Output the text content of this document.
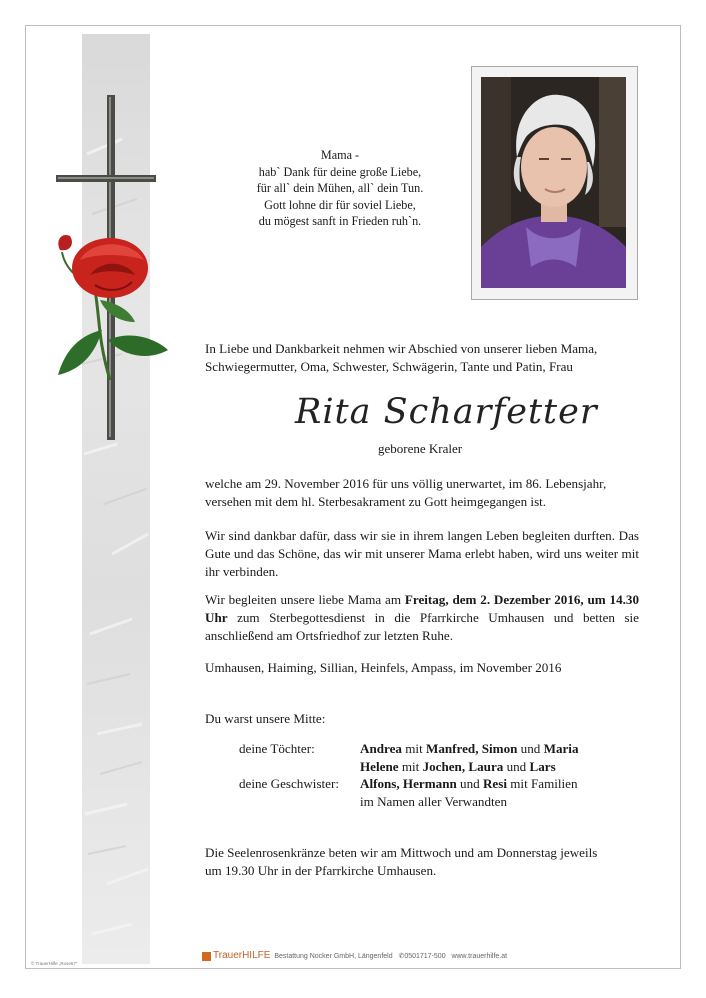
Mama -
hab` Dank für deine große Liebe,
für all` dein Mühen, all` dein Tun.
Gott lohne dir für soviel Liebe,
du mögest sanft in Frieden ruh`n.
In Liebe und Dankbarkeit nehmen wir Abschied von unserer lieben Mama,
Schwiegermutter, Oma, Schwester, Schwägerin, Tante und Patin, Frau
Rita Scharfetter
geborene Kraler
welche am 29. November 2016 für uns völlig unerwartet, im 86. Lebensjahr,
versehen mit dem hl. Sterbesakrament zu Gott heimgegangen ist.
Wir sind dankbar dafür, dass wir sie in ihrem langen Leben begleiten durften. Das Gute und das Schöne, das wir mit unserer Mama erlebt haben, wird uns weiter mit ihr verbinden.
Wir begleiten unsere liebe Mama am Freitag, dem 2. Dezember 2016, um 14.30 Uhr zum Sterbegottesdienst in die Pfarrkirche Umhausen und betten sie anschließend am Ortsfriedhof zur letzten Ruhe.
Umhausen, Haiming, Sillian, Heinfels, Ampass, im November 2016
Du warst unsere Mitte:
deine Töchter:	Andrea mit Manfred, Simon und Maria
Helene mit Jochen, Laura und Lars
deine Geschwister: Alfons, Hermann und Resi mit Familien
im Namen aller Verwandten
Die Seelenrosenkränze beten wir am Mittwoch und am Donnerstag jeweils
um 19.30 Uhr in der Pfarrkirche Umhausen.
TrauerHILFE Bestattung Nocker GmbH, Längenfeld ✆0501717-500 www.trauerhilfe.at
© TrauerHilfe „Rose67“
